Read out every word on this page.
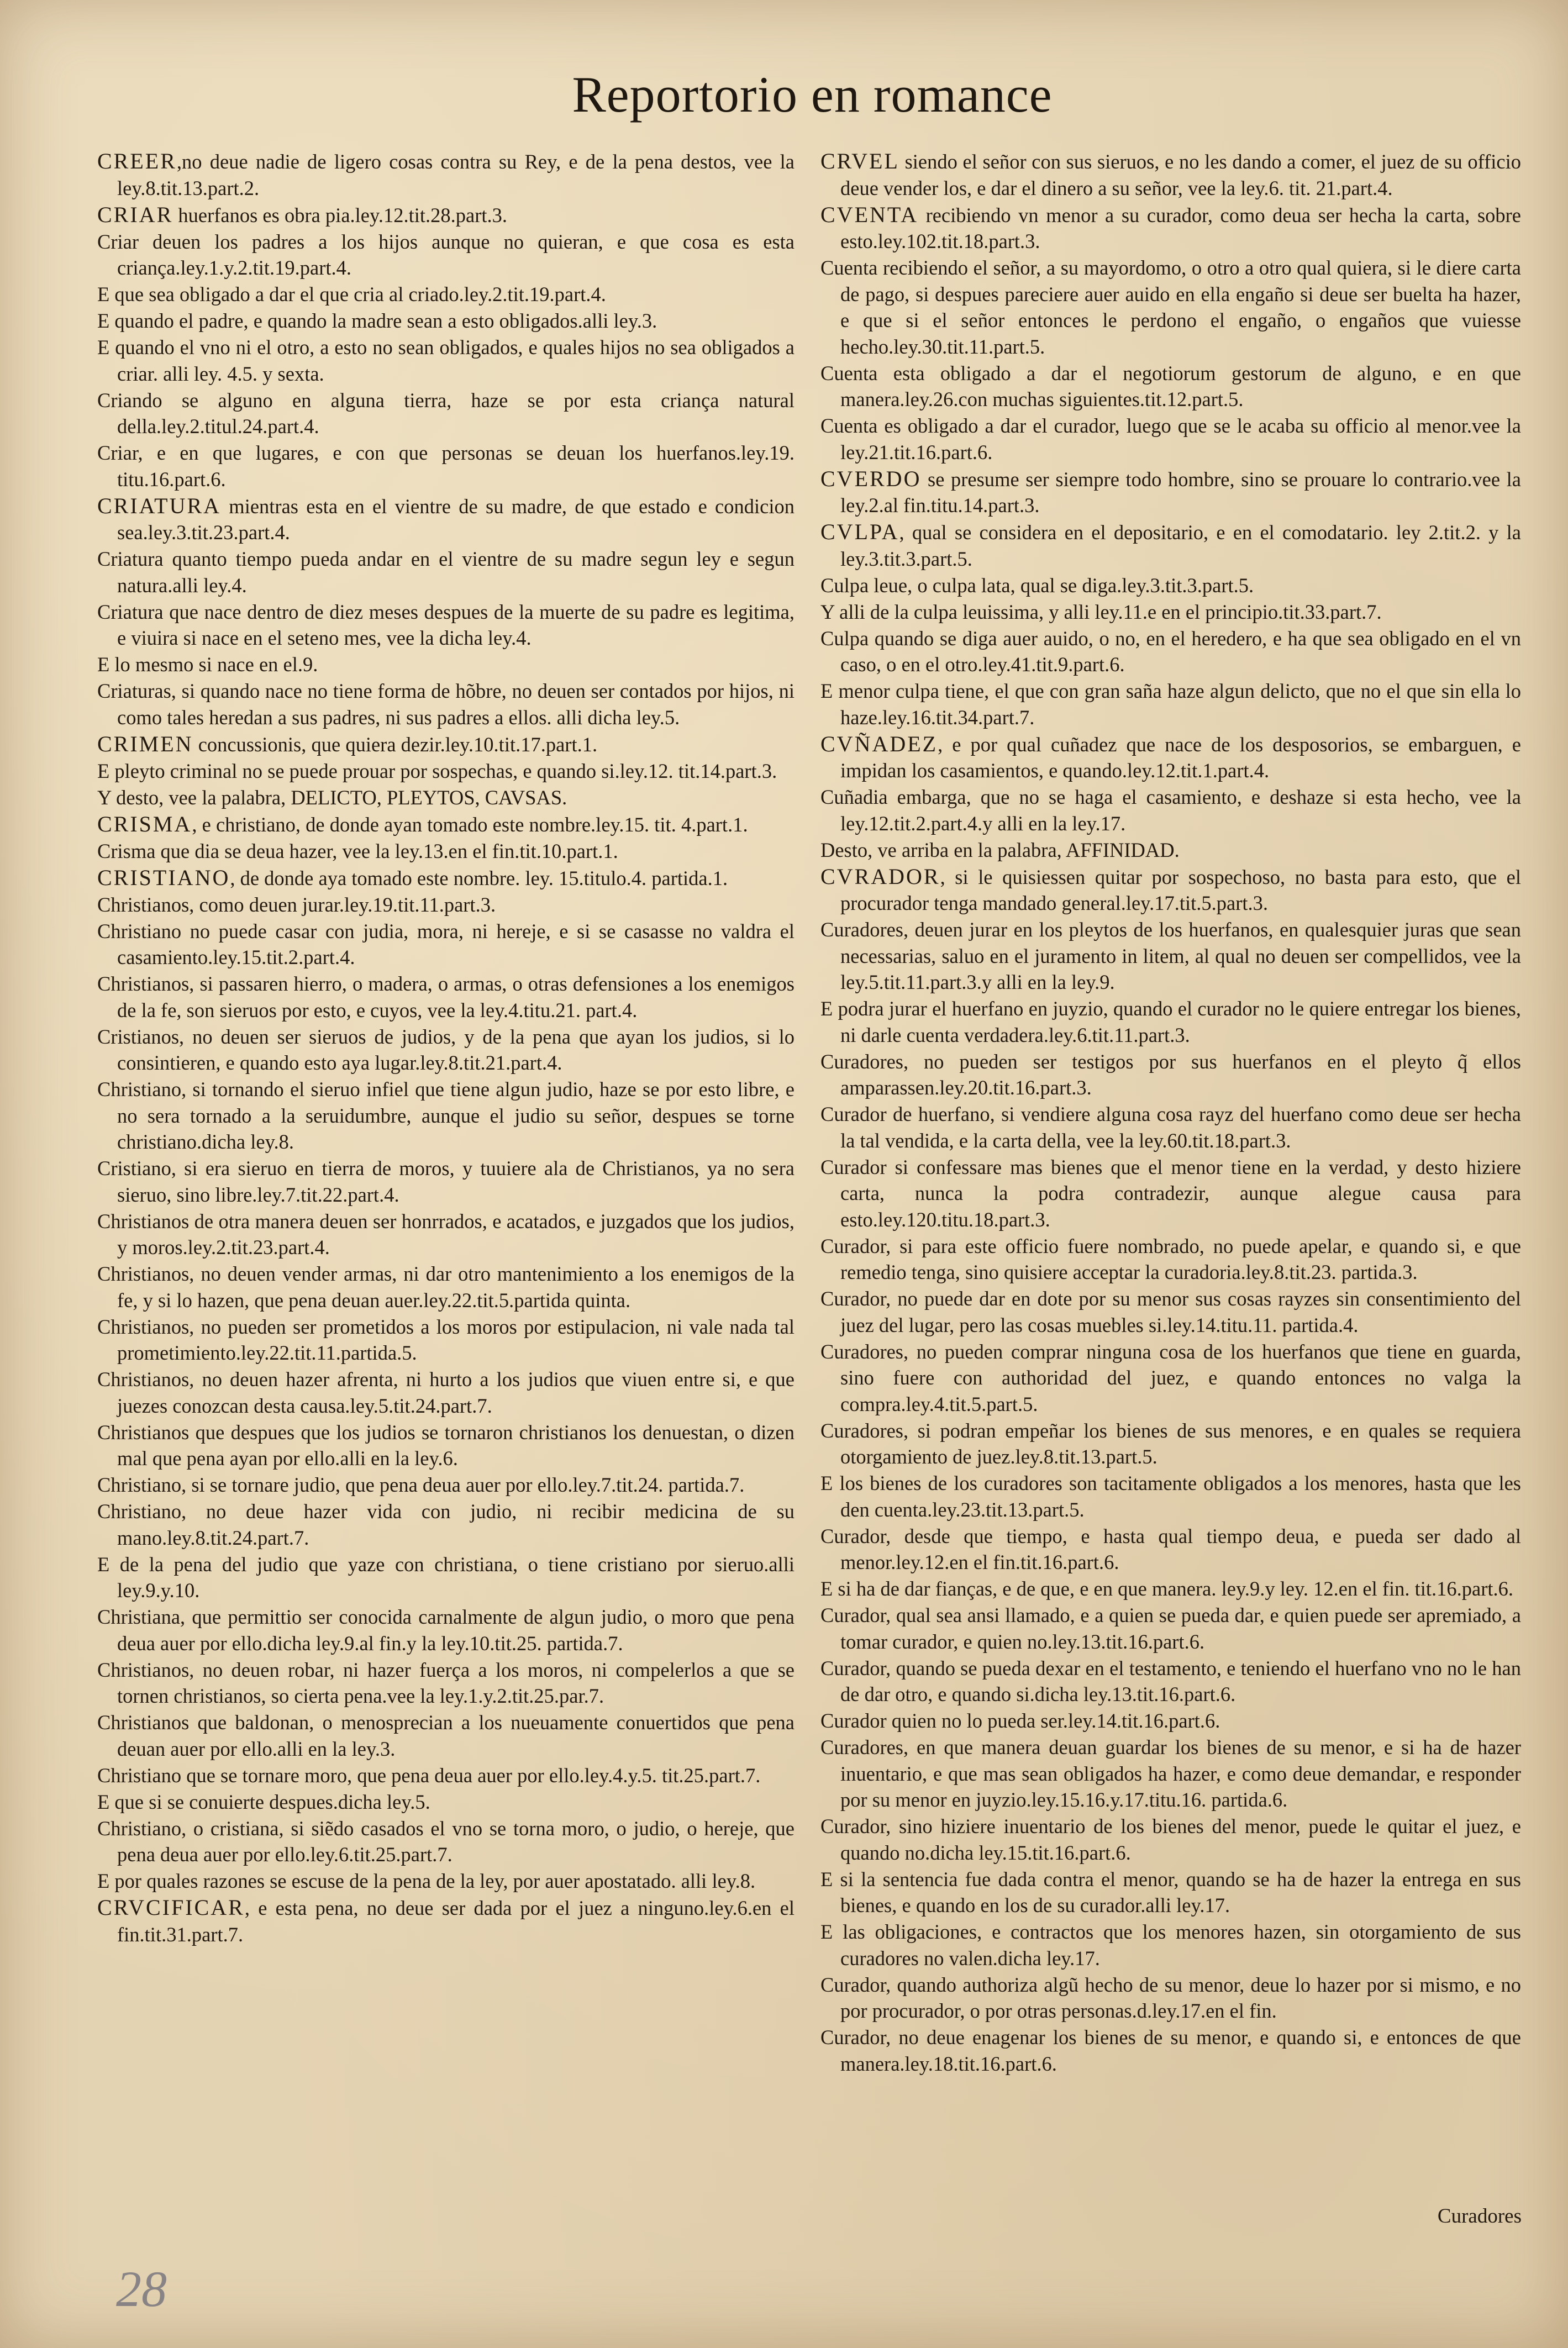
Reportorio en romance

CREER,no deue nadie de ligero cosas contra su Rey, e de la pena destos, vee la ley.8.tit.13.part.2.

CRIAR huerfanos es obra pia.ley.12.tit.28.part.3.

Criar deuen los padres a los hijos aunque no quieran, e que cosa es esta criança.ley.1.y.2.tit.19.part.4.

E que sea obligado a dar el que cria al criado.ley.2.tit.19.part.4.

E quando el padre, e quando la madre sean a esto obligados.alli ley.3.

E quando el vno ni el otro, a esto no sean obligados, e quales hijos no sea obligados a criar. alli ley. 4.5. y sexta.

Criando se alguno en alguna tierra, haze se por esta criança natural della.ley.2.titul.24.part.4.

Criar, e en que lugares, e con que personas se deuan los huerfanos.ley.19. titu.16.part.6.

CRIATURA mientras esta en el vientre de su madre, de que estado e condicion sea.ley.3.tit.23.part.4.

Criatura quanto tiempo pueda andar en el vientre de su madre segun ley e segun natura.alli ley.4.

Criatura que nace dentro de diez meses despues de la muerte de su padre es legitima, e viuira si nace en el seteno mes, vee la dicha ley.4.

E lo mesmo si nace en el.9.

Criaturas, si quando nace no tiene forma de hõbre, no deuen ser contados por hijos, ni como tales heredan a sus padres, ni sus padres a ellos. alli dicha ley.5.

CRIMEN concussionis, que quiera dezir.ley.10.tit.17.part.1.

E pleyto criminal no se puede prouar por sospechas, e quando si.ley.12. tit.14.part.3.

Y desto, vee la palabra, DELICTO, PLEYTOS, CAVSAS.

CRISMA, e christiano, de donde ayan tomado este nombre.ley.15. tit. 4.part.1.

Crisma que dia se deua hazer, vee la ley.13.en el fin.tit.10.part.1.

CRISTIANO, de donde aya tomado este nombre. ley. 15.titulo.4. partida.1.

Christianos, como deuen jurar.ley.19.tit.11.part.3.

Christiano no puede casar con judia, mora, ni hereje, e si se casasse no valdra el casamiento.ley.15.tit.2.part.4.

Christianos, si passaren hierro, o madera, o armas, o otras defensiones a los enemigos de la fe, son sieruos por esto, e cuyos, vee la ley.4.titu.21. part.4.

Cristianos, no deuen ser sieruos de judios, y de la pena que ayan los judios, si lo consintieren, e quando esto aya lugar.ley.8.tit.21.part.4.

Christiano, si tornando el sieruo infiel que tiene algun judio, haze se por esto libre, e no sera tornado a la seruidumbre, aunque el judio su señor, despues se torne christiano.dicha ley.8.

Cristiano, si era sieruo en tierra de moros, y tuuiere ala de Christianos, ya no sera sieruo, sino libre.ley.7.tit.22.part.4.

Christianos de otra manera deuen ser honrrados, e acatados, e juzgados que los judios, y moros.ley.2.tit.23.part.4.

Christianos, no deuen vender armas, ni dar otro mantenimiento a los enemigos de la fe, y si lo hazen, que pena deuan auer.ley.22.tit.5.partida quinta.

Christianos, no pueden ser prometidos a los moros por estipulacion, ni vale nada tal prometimiento.ley.22.tit.11.partida.5.

Christianos, no deuen hazer afrenta, ni hurto a los judios que viuen entre si, e que juezes conozcan desta causa.ley.5.tit.24.part.7.

Christianos que despues que los judios se tornaron christianos los denuestan, o dizen mal que pena ayan por ello.alli en la ley.6.

Christiano, si se tornare judio, que pena deua auer por ello.ley.7.tit.24. partida.7.

Christiano, no deue hazer vida con judio, ni recibir medicina de su mano.ley.8.tit.24.part.7.

E de la pena del judio que yaze con christiana, o tiene cristiano por sieruo.alli ley.9.y.10.

Christiana, que permittio ser conocida carnalmente de algun judio, o moro que pena deua auer por ello.dicha ley.9.al fin.y la ley.10.tit.25. partida.7.

Christianos, no deuen robar, ni hazer fuerça a los moros, ni compelerlos a que se tornen christianos, so cierta pena.vee la ley.1.y.2.tit.25.par.7.

Christianos que baldonan, o menosprecian a los nueuamente conuertidos que pena deuan auer por ello.alli en la ley.3.

Christiano que se tornare moro, que pena deua auer por ello.ley.4.y.5. tit.25.part.7.

E que si se conuierte despues.dicha ley.5.

Christiano, o cristiana, si siẽdo casados el vno se torna moro, o judio, o hereje, que pena deua auer por ello.ley.6.tit.25.part.7.

E por quales razones se escuse de la pena de la ley, por auer apostatado. alli ley.8.

CRVCIFICAR, e esta pena, no deue ser dada por el juez a ninguno.ley.6.en el fin.tit.31.part.7.

CRVEL siendo el señor con sus sieruos, e no les dando a comer, el juez de su officio deue vender los, e dar el dinero a su señor, vee la ley.6. tit. 21.part.4.

CVENTA recibiendo vn menor a su curador, como deua ser hecha la carta, sobre esto.ley.102.tit.18.part.3.

Cuenta recibiendo el señor, a su mayordomo, o otro a otro qual quiera, si le diere carta de pago, si despues pareciere auer auido en ella engaño si deue ser buelta ha hazer, e que si el señor entonces le perdono el engaño, o engaños que vuiesse hecho.ley.30.tit.11.part.5.

Cuenta esta obligado a dar el negotiorum gestorum de alguno, e en que manera.ley.26.con muchas siguientes.tit.12.part.5.

Cuenta es obligado a dar el curador, luego que se le acaba su officio al menor.vee la ley.21.tit.16.part.6.

CVERDO se presume ser siempre todo hombre, sino se prouare lo contrario.vee la ley.2.al fin.titu.14.part.3.

CVLPA, qual se considera en el depositario, e en el comodatario. ley 2.tit.2. y la ley.3.tit.3.part.5.

Culpa leue, o culpa lata, qual se diga.ley.3.tit.3.part.5.

Y alli de la culpa leuissima, y alli ley.11.e en el principio.tit.33.part.7.

Culpa quando se diga auer auido, o no, en el heredero, e ha que sea obligado en el vn caso, o en el otro.ley.41.tit.9.part.6.

E menor culpa tiene, el que con gran saña haze algun delicto, que no el que sin ella lo haze.ley.16.tit.34.part.7.

CVÑADEZ, e por qual cuñadez que nace de los desposorios, se embarguen, e impidan los casamientos, e quando.ley.12.tit.1.part.4.

Cuñadia embarga, que no se haga el casamiento, e deshaze si esta hecho, vee la ley.12.tit.2.part.4.y alli en la ley.17.

Desto, ve arriba en la palabra, AFFINIDAD.

CVRADOR, si le quisiessen quitar por sospechoso, no basta para esto, que el procurador tenga mandado general.ley.17.tit.5.part.3.

Curadores, deuen jurar en los pleytos de los huerfanos, en qualesquier juras que sean necessarias, saluo en el juramento in litem, al qual no deuen ser compellidos, vee la ley.5.tit.11.part.3.y alli en la ley.9.

E podra jurar el huerfano en juyzio, quando el curador no le quiere entregar los bienes, ni darle cuenta verdadera.ley.6.tit.11.part.3.

Curadores, no pueden ser testigos por sus huerfanos en el pleyto q̃ ellos amparassen.ley.20.tit.16.part.3.

Curador de huerfano, si vendiere alguna cosa rayz del huerfano como deue ser hecha la tal vendida, e la carta della, vee la ley.60.tit.18.part.3.

Curador si confessare mas bienes que el menor tiene en la verdad, y desto hiziere carta, nunca la podra contradezir, aunque alegue causa para esto.ley.120.titu.18.part.3.

Curador, si para este officio fuere nombrado, no puede apelar, e quando si, e que remedio tenga, sino quisiere acceptar la curadoria.ley.8.tit.23. partida.3.

Curador, no puede dar en dote por su menor sus cosas rayzes sin consentimiento del juez del lugar, pero las cosas muebles si.ley.14.titu.11. partida.4.

Curadores, no pueden comprar ninguna cosa de los huerfanos que tiene en guarda, sino fuere con authoridad del juez, e quando entonces no valga la compra.ley.4.tit.5.part.5.

Curadores, si podran empeñar los bienes de sus menores, e en quales se requiera otorgamiento de juez.ley.8.tit.13.part.5.

E los bienes de los curadores son tacitamente obligados a los menores, hasta que les den cuenta.ley.23.tit.13.part.5.

Curador, desde que tiempo, e hasta qual tiempo deua, e pueda ser dado al menor.ley.12.en el fin.tit.16.part.6.

E si ha de dar fianças, e de que, e en que manera. ley.9.y ley. 12.en el fin. tit.16.part.6.

Curador, qual sea ansi llamado, e a quien se pueda dar, e quien puede ser apremiado, a tomar curador, e quien no.ley.13.tit.16.part.6.

Curador, quando se pueda dexar en el testamento, e teniendo el huerfano vno no le han de dar otro, e quando si.dicha ley.13.tit.16.part.6.

Curador quien no lo pueda ser.ley.14.tit.16.part.6.

Curadores, en que manera deuan guardar los bienes de su menor, e si ha de hazer inuentario, e que mas sean obligados ha hazer, e como deue demandar, e responder por su menor en juyzio.ley.15.16.y.17.titu.16. partida.6.

Curador, sino hiziere inuentario de los bienes del menor, puede le quitar el juez, e quando no.dicha ley.15.tit.16.part.6.

E si la sentencia fue dada contra el menor, quando se ha de hazer la entrega en sus bienes, e quando en los de su curador.alli ley.17.

E las obligaciones, e contractos que los menores hazen, sin otorgamiento de sus curadores no valen.dicha ley.17.

Curador, quando authoriza algũ hecho de su menor, deue lo hazer por si mismo, e no por procurador, o por otras personas.d.ley.17.en el fin.

Curador, no deue enagenar los bienes de su menor, e quando si, e entonces de que manera.ley.18.tit.16.part.6.

Curadores
28
